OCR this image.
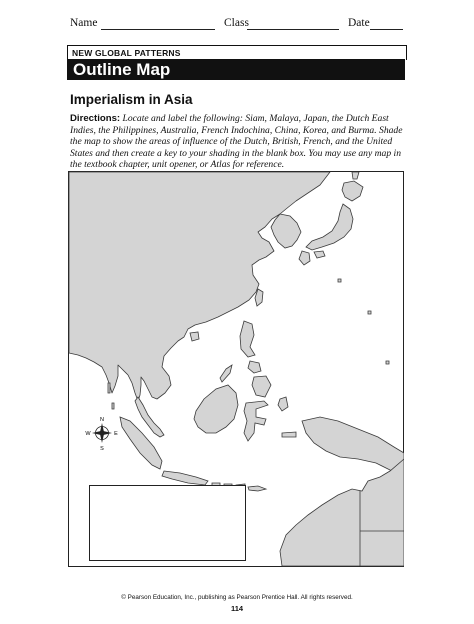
Name	Class	Date
NEW GLOBAL PATTERNS
Outline Map
Imperialism in Asia
Directions: Locate and label the following: Siam, Malaya, Japan, the Dutch East Indies, the Philippines, Australia, French Indochina, China, Korea, and Burma. Shade the map to show the areas of influence of the Dutch, British, French, and the United States and then create a key to your shading in the blank box. You may use any map in the textbook chapter, unit opener, or Atlas for reference.
N
S
E
W
© Pearson Education, Inc., publishing as Pearson Prentice Hall. All rights reserved.
114
